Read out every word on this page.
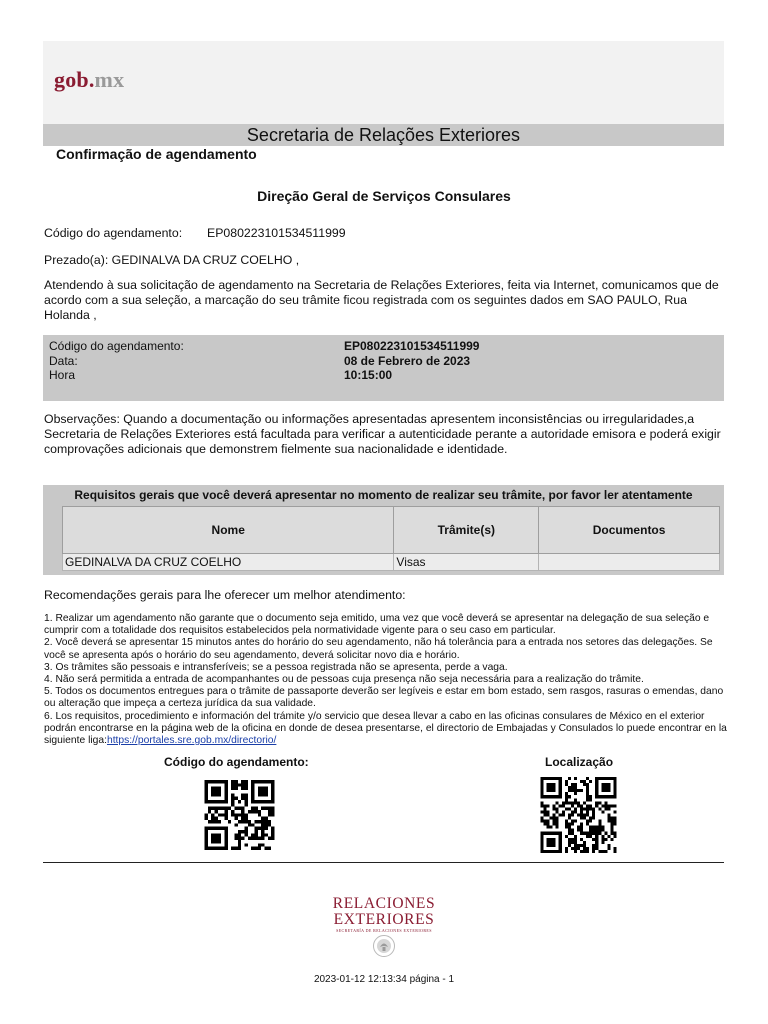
gob.mx
Secretaria de Relações Exteriores
Confirmação de agendamento
Direção Geral de Serviços Consulares
Código do agendamento: EP080223101534511999
Prezado(a): GEDINALVA DA CRUZ COELHO ,
Atendendo à sua solicitação de agendamento na Secretaria de Relações Exteriores, feita via Internet, comunicamos que de acordo com a sua seleção, a marcação do seu trâmite ficou registrada com os seguintes dados em SAO PAULO, Rua Holanda ,
Código do agendamento:	EP080223101534511999
Data:	08 de Febrero de 2023
Hora	10:15:00
Observações: Quando a documentação ou informações apresentadas apresentem inconsistências ou irregularidades,a Secretaria de Relações Exteriores está facultada para verificar a autenticidade perante a autoridade emisora e poderá exigir comprovações adicionais que demonstrem fielmente sua nacionalidade e identidade.
Requisitos gerais que você deverá apresentar no momento de realizar seu trâmite, por favor ler atentamente
Nome	Trâmite(s)	Documentos
GEDINALVA DA CRUZ COELHO	Visas	
Recomendações gerais para lhe oferecer um melhor atendimento:

1. Realizar um agendamento não garante que o documento seja emitido, uma vez que você deverá se apresentar na delegação de sua seleção e cumprir com a totalidade dos requisitos estabelecidos pela normatividade vigente para o seu caso em particular.

2. Você deverá se apresentar 15 minutos antes do horário do seu agendamento, não há tolerância para a entrada nos setores das delegações. Se você se apresenta após o horário do seu agendamento, deverá solicitar novo dia e horário.

3. Os trâmites são pessoais e intransferíveis; se a pessoa registrada não se apresenta, perde a vaga.

4. Não será permitida a entrada de acompanhantes ou de pessoas cuja presença não seja necessária para a realização do trâmite.

5. Todos os documentos entregues para o trâmite de passaporte deverão ser legíveis e estar em bom estado, sem rasgos, rasuras o emendas, dano ou alteração que impeça a certeza jurídica da sua validade.

6. Los requisitos, procedimiento e información del trámite y/o servicio que desea llevar a cabo en las oficinas consulares de México en el exterior podrán encontrarse en la página web de la oficina en donde de desea presentarse, el directorio de Embajadas y Consulados lo puede encontrar en la siguiente liga:https://portales.sre.gob.mx/directorio/

Código do agendamento:	Localização
RELACIONES
EXTERIORES
SECRETARÍA DE RELACIONES EXTERIORES
2023-01-12 12:13:34 página - 1
